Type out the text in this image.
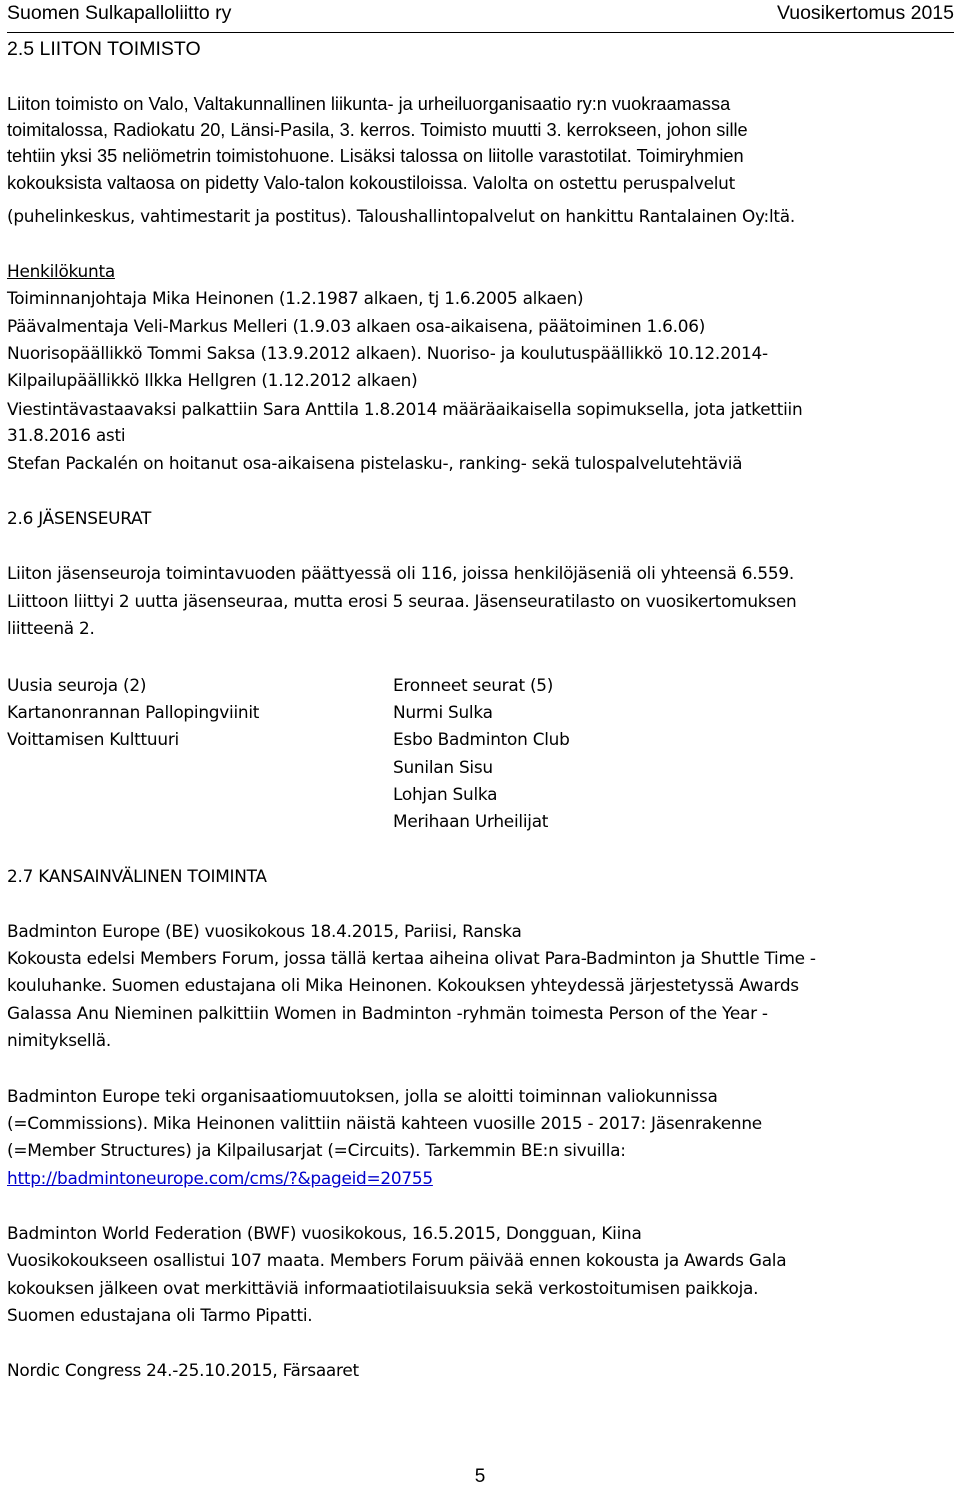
Suomen Sulkapalloliitto ry	Vuosikertomus 2015

2.5 LIITON TOIMISTO

Liiton toimisto on Valo, Valtakunnallinen liikunta- ja urheiluorganisaatio ry:n vuokraamassa

toimitalossa, Radiokatu 20, Länsi-Pasila, 3. kerros. Toimisto muutti 3. kerrokseen, johon sille

tehtiin yksi 35 neliömetrin toimistohuone. Lisäksi talossa on liitolle varastotilat. Toimiryhmien

kokouksista valtaosa on pidetty Valo-talon kokoustiloissa. Valolta on ostettu peruspalvelut

(puhelinkeskus, vahtimestarit ja postitus). Taloushallintopalvelut on hankittu Rantalainen Oy:ltä.

Henkilökunta

Toiminnanjohtaja Mika Heinonen (1.2.1987 alkaen, tj 1.6.2005 alkaen)

Päävalmentaja Veli-Markus Melleri (1.9.03 alkaen osa-aikaisena, päätoiminen 1.6.06)

Nuorisopäällikkö Tommi Saksa (13.9.2012 alkaen). Nuoriso- ja koulutuspäällikkö 10.12.2014-

Kilpailupäällikkö Ilkka Hellgren (1.12.2012 alkaen)

Viestintävastaavaksi palkattiin Sara Anttila 1.8.2014 määräaikaisella sopimuksella, jota jatkettiin

31.8.2016 asti

Stefan Packalén on hoitanut osa-aikaisena pistelasku-, ranking- sekä tulospalvelutehtäviä

2.6 JÄSENSEURAT

Liiton jäsenseuroja toimintavuoden päättyessä oli 116, joissa henkilöjäseniä oli yhteensä 6.559.

Liittoon liittyi 2 uutta jäsenseuraa, mutta erosi 5 seuraa. Jäsenseuratilasto on vuosikertomuksen

liitteenä 2.

Uusia seuroja (2)

Kartanonrannan Pallopingviinit

Voittamisen Kulttuuri

Eronneet seurat (5)

Nurmi Sulka

Esbo Badminton Club

Sunilan Sisu

Lohjan Sulka

Merihaan Urheilijat

2.7 KANSAINVÄLINEN TOIMINTA

Badminton Europe (BE) vuosikokous 18.4.2015, Pariisi, Ranska

Kokousta edelsi Members Forum, jossa tällä kertaa aiheina olivat Para-Badminton ja Shuttle Time -

kouluhanke. Suomen edustajana oli Mika Heinonen. Kokouksen yhteydessä järjestetyssä Awards

Galassa Anu Nieminen palkittiin Women in Badminton -ryhmän toimesta Person of the Year -

nimityksellä.

Badminton Europe teki organisaatiomuutoksen, jolla se aloitti toiminnan valiokunnissa

(=Commissions). Mika Heinonen valittiin näistä kahteen vuosille 2015 - 2017: Jäsenrakenne

(=Member Structures) ja Kilpailusarjat (=Circuits). Tarkemmin BE:n sivuilla:

http://badmintoneurope.com/cms/?&pageid=20755

Badminton World Federation (BWF) vuosikokous, 16.5.2015, Dongguan, Kiina

Vuosikokoukseen osallistui 107 maata. Members Forum päivää ennen kokousta ja Awards Gala

kokouksen jälkeen ovat merkittäviä informaatiotilaisuuksia sekä verkostoitumisen paikkoja.

Suomen edustajana oli Tarmo Pipatti.

Nordic Congress 24.-25.10.2015, Färsaaret

5
